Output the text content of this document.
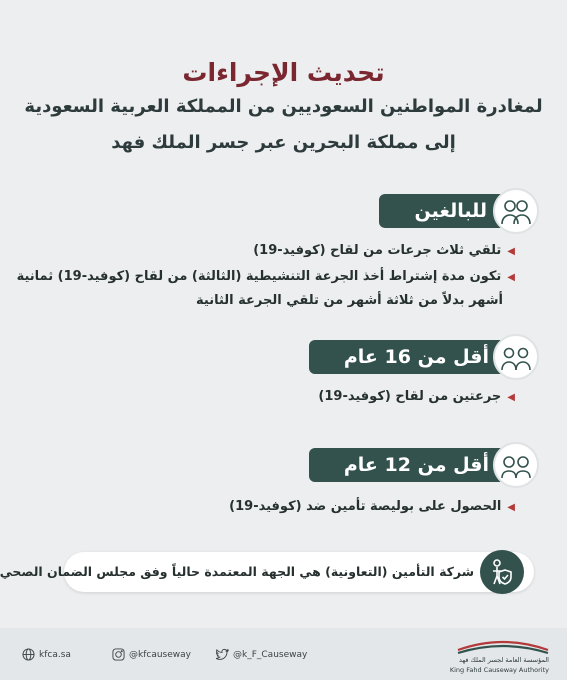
تحديث الإجراءات
لمغادرة المواطنين السعوديين من المملكة العربية السعودية
إلى مملكة البحرين عبر جسر الملك فهد
للبالغين
◀تلقي ثلاث جرعات من لقاح (كوفيد-19)
◀تكون مدة إشتراط أخذ الجرعة التنشيطية (الثالثة) من لقاح (كوفيد-19) ثمانية
أشهر بدلاً من ثلاثة أشهر من تلقي الجرعة الثانية
أقل من 16 عام
◀جرعتين من لقاح (كوفيد-19)
أقل من 12 عام
◀الحصول على بوليصة تأمين ضد (كوفيد-19)
شركة التأمين (التعاونية) هي الجهة المعتمدة حالياً وفق مجلس الضمان الصحي
kfca.sa	@kfcauseway	@k_F_Causeway
المؤسسة العامة لجسر الملك فهد
King Fahd Causeway Authority
